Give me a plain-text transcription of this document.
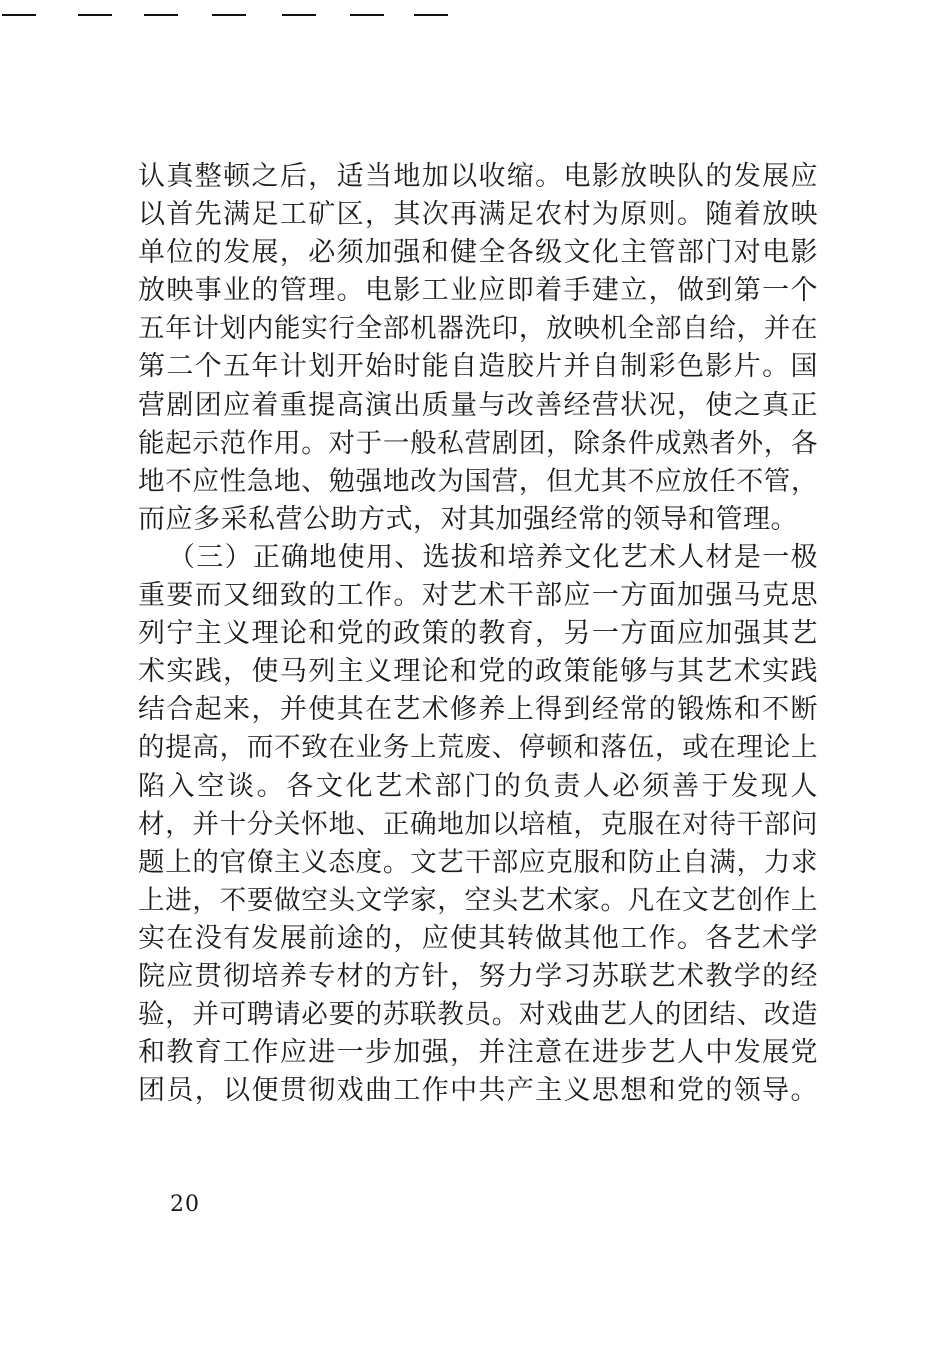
认真整顿之后，适当地加以收缩。电影放映队的发展应
以首先满足工矿区，其次再满足农村为原则。随着放映
单位的发展，必须加强和健全各级文化主管部门对电影
放映事业的管理。电影工业应即着手建立，做到第一个
五年计划内能实行全部机器洗印，放映机全部自给，并在
第二个五年计划开始时能自造胶片并自制彩色影片。国
营剧团应着重提高演出质量与改善经营状况，使之真正
能起示范作用。对于一般私营剧团，除条件成熟者外，各
地不应性急地、勉强地改为国营，但尤其不应放任不管，
而应多采私营公助方式，对其加强经常的领导和管理。
（三）正确地使用、选拔和培养文化艺术人材是一极
重要而又细致的工作。对艺术干部应一方面加强马克思
列宁主义理论和党的政策的教育，另一方面应加强其艺
术实践，使马列主义理论和党的政策能够与其艺术实践
结合起来，并使其在艺术修养上得到经常的锻炼和不断
的提高，而不致在业务上荒废、停顿和落伍，或在理论上
陷入空谈。各文化艺术部门的负责人必须善于发现人
材，并十分关怀地、正确地加以培植，克服在对待干部问
题上的官僚主义态度。文艺干部应克服和防止自满，力求
上进，不要做空头文学家，空头艺术家。凡在文艺创作上
实在没有发展前途的，应使其转做其他工作。各艺术学
院应贯彻培养专材的方针，努力学习苏联艺术教学的经
验，并可聘请必要的苏联教员。对戏曲艺人的团结、改造
和教育工作应进一步加强，并注意在进步艺人中发展党
团员，以便贯彻戏曲工作中共产主义思想和党的领导。
20
